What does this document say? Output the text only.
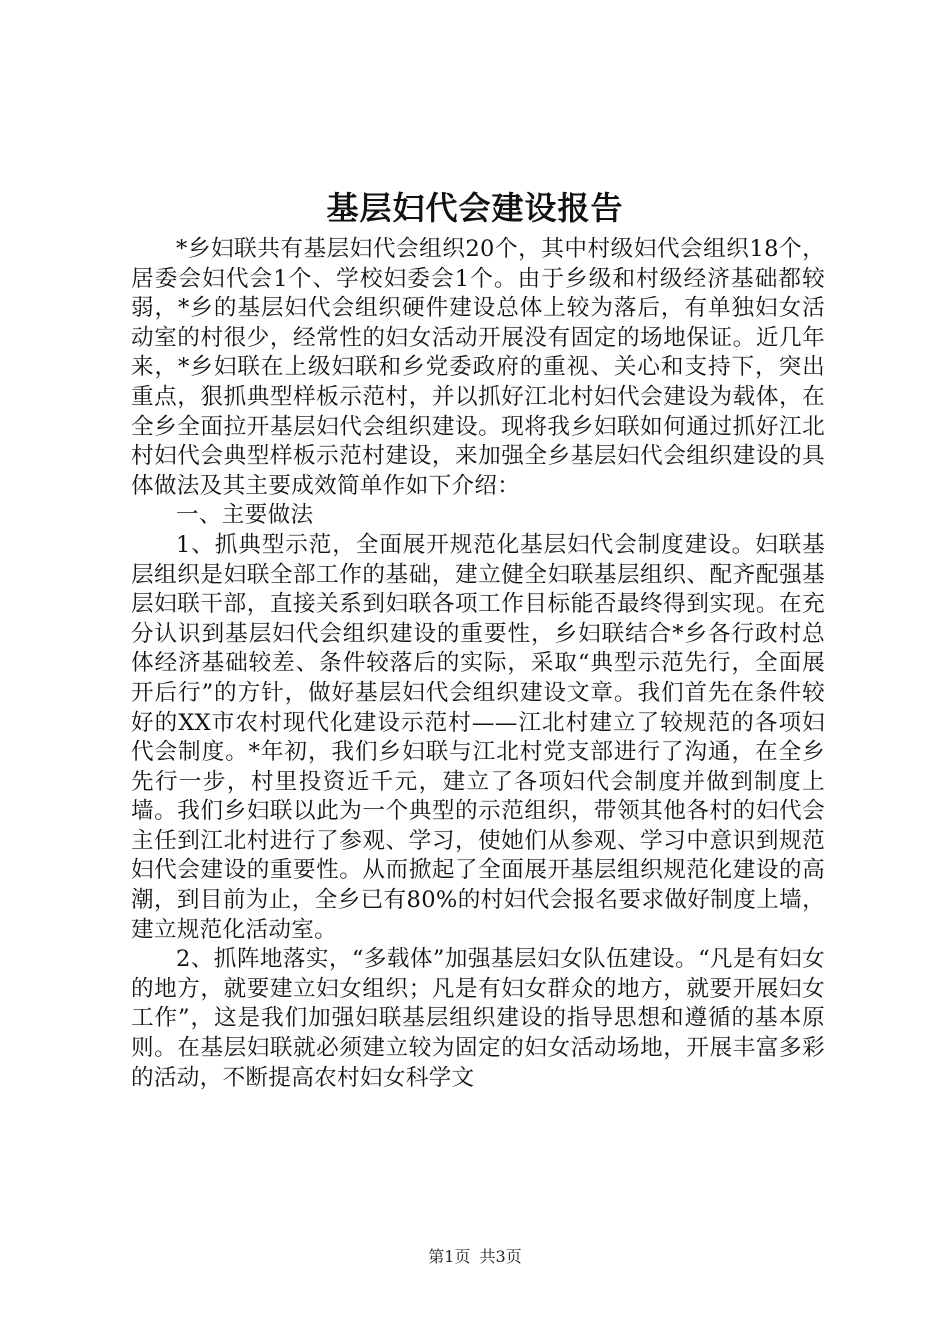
基层妇代会建设报告

*乡妇联共有基层妇代会组织20个，其中村级妇代会组织18个，居委会妇代会1个、学校妇委会1个。由于乡级和村级经济基础都较弱，*乡的基层妇代会组织硬件建设总体上较为落后，有单独妇女活动室的村很少，经常性的妇女活动开展没有固定的场地保证。近几年来，*乡妇联在上级妇联和乡党委政府的重视、关心和支持下，突出重点，狠抓典型样板示范村，并以抓好江北村妇代会建设为载体，在全乡全面拉开基层妇代会组织建设。现将我乡妇联如何通过抓好江北村妇代会典型样板示范村建设，来加强全乡基层妇代会组织建设的具体做法及其主要成效简单作如下介绍：

一、主要做法

1、抓典型示范，全面展开规范化基层妇代会制度建设。妇联基层组织是妇联全部工作的基础，建立健全妇联基层组织、配齐配强基层妇联干部，直接关系到妇联各项工作目标能否最终得到实现。在充分认识到基层妇代会组织建设的重要性，乡妇联结合*乡各行政村总体经济基础较差、条件较落后的实际，采取“典型示范先行，全面展开后行”的方针，做好基层妇代会组织建设文章。我们首先在条件较好的XX市农村现代化建设示范村——江北村建立了较规范的各项妇代会制度。*年初，我们乡妇联与江北村党支部进行了沟通，在全乡先行一步，村里投资近千元，建立了各项妇代会制度并做到制度上墙。我们乡妇联以此为一个典型的示范组织，带领其他各村的妇代会主任到江北村进行了参观、学习，使她们从参观、学习中意识到规范妇代会建设的重要性。从而掀起了全面展开基层组织规范化建设的高潮，到目前为止，全乡已有80%的村妇代会报名要求做好制度上墙，建立规范化活动室。

2、抓阵地落实，“多载体”加强基层妇女队伍建设。“凡是有妇女的地方，就要建立妇女组织；凡是有妇女群众的地方，就要开展妇女工作”，这是我们加强妇联基层组织建设的指导思想和遵循的基本原则。在基层妇联就必须建立较为固定的妇女活动场地，开展丰富多彩的活动，不断提高农村妇女科学文

第1页 共3页
